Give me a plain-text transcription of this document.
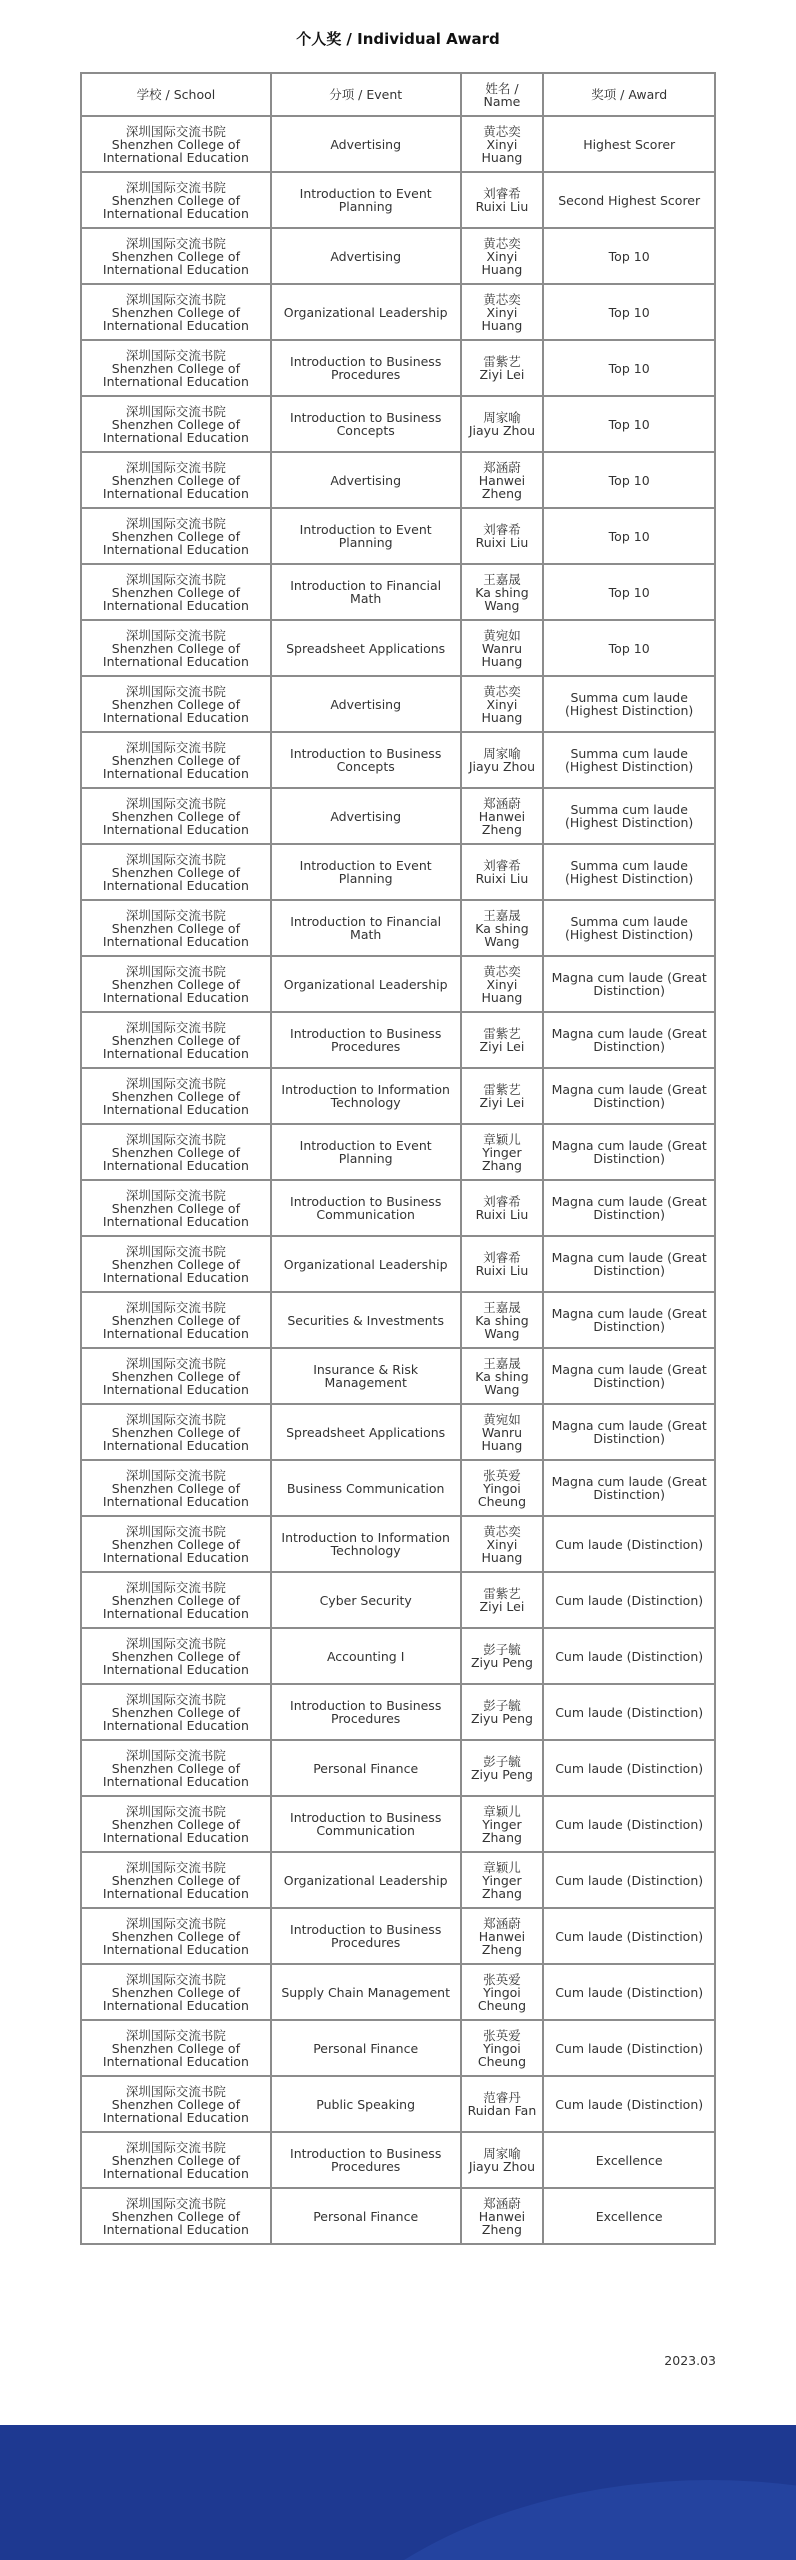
个人奖 / Individual Award
学校 / School	分项 / Event	姓名 /
Name	奖项 / Award

深圳国际交流书院
Shenzhen College of
International Education	Advertising	黄芯奕
Xinyi
Huang	Highest Scorer

深圳国际交流书院
Shenzhen College of
International Education	Introduction to Event
Planning	刘睿希
Ruixi Liu	Second Highest Scorer

深圳国际交流书院
Shenzhen College of
International Education	Advertising	黄芯奕
Xinyi
Huang	Top 10

深圳国际交流书院
Shenzhen College of
International Education	Organizational Leadership	黄芯奕
Xinyi
Huang	Top 10

深圳国际交流书院
Shenzhen College of
International Education	Introduction to Business
Procedures	雷紫艺
Ziyi Lei	Top 10

深圳国际交流书院
Shenzhen College of
International Education	Introduction to Business
Concepts	周家喻
Jiayu Zhou	Top 10

深圳国际交流书院
Shenzhen College of
International Education	Advertising	郑涵蔚
Hanwei
Zheng	Top 10

深圳国际交流书院
Shenzhen College of
International Education	Introduction to Event
Planning	刘睿希
Ruixi Liu	Top 10

深圳国际交流书院
Shenzhen College of
International Education	Introduction to Financial
Math	王嘉晟
Ka shing
Wang	Top 10

深圳国际交流书院
Shenzhen College of
International Education	Spreadsheet Applications	黄宛如
Wanru
Huang	Top 10

深圳国际交流书院
Shenzhen College of
International Education	Advertising	黄芯奕
Xinyi
Huang	Summa cum laude
(Highest Distinction)

深圳国际交流书院
Shenzhen College of
International Education	Introduction to Business
Concepts	周家喻
Jiayu Zhou	Summa cum laude
(Highest Distinction)

深圳国际交流书院
Shenzhen College of
International Education	Advertising	郑涵蔚
Hanwei
Zheng	Summa cum laude
(Highest Distinction)

深圳国际交流书院
Shenzhen College of
International Education	Introduction to Event
Planning	刘睿希
Ruixi Liu	Summa cum laude
(Highest Distinction)

深圳国际交流书院
Shenzhen College of
International Education	Introduction to Financial
Math	王嘉晟
Ka shing
Wang	Summa cum laude
(Highest Distinction)

深圳国际交流书院
Shenzhen College of
International Education	Organizational Leadership	黄芯奕
Xinyi
Huang	Magna cum laude (Great
Distinction)

深圳国际交流书院
Shenzhen College of
International Education	Introduction to Business
Procedures	雷紫艺
Ziyi Lei	Magna cum laude (Great
Distinction)

深圳国际交流书院
Shenzhen College of
International Education	Introduction to Information
Technology	雷紫艺
Ziyi Lei	Magna cum laude (Great
Distinction)

深圳国际交流书院
Shenzhen College of
International Education	Introduction to Event
Planning	章颖儿
Yinger
Zhang	Magna cum laude (Great
Distinction)

深圳国际交流书院
Shenzhen College of
International Education	Introduction to Business
Communication	刘睿希
Ruixi Liu	Magna cum laude (Great
Distinction)

深圳国际交流书院
Shenzhen College of
International Education	Organizational Leadership	刘睿希
Ruixi Liu	Magna cum laude (Great
Distinction)

深圳国际交流书院
Shenzhen College of
International Education	Securities & Investments	王嘉晟
Ka shing
Wang	Magna cum laude (Great
Distinction)

深圳国际交流书院
Shenzhen College of
International Education	Insurance & Risk
Management	王嘉晟
Ka shing
Wang	Magna cum laude (Great
Distinction)

深圳国际交流书院
Shenzhen College of
International Education	Spreadsheet Applications	黄宛如
Wanru
Huang	Magna cum laude (Great
Distinction)

深圳国际交流书院
Shenzhen College of
International Education	Business Communication	张英爱
Yingoi
Cheung	Magna cum laude (Great
Distinction)

深圳国际交流书院
Shenzhen College of
International Education	Introduction to Information
Technology	黄芯奕
Xinyi
Huang	Cum laude (Distinction)

深圳国际交流书院
Shenzhen College of
International Education	Cyber Security	雷紫艺
Ziyi Lei	Cum laude (Distinction)

深圳国际交流书院
Shenzhen College of
International Education	Accounting Ⅰ	彭子毓
Ziyu Peng	Cum laude (Distinction)

深圳国际交流书院
Shenzhen College of
International Education	Introduction to Business
Procedures	彭子毓
Ziyu Peng	Cum laude (Distinction)

深圳国际交流书院
Shenzhen College of
International Education	Personal Finance	彭子毓
Ziyu Peng	Cum laude (Distinction)

深圳国际交流书院
Shenzhen College of
International Education	Introduction to Business
Communication	章颖儿
Yinger
Zhang	Cum laude (Distinction)

深圳国际交流书院
Shenzhen College of
International Education	Organizational Leadership	章颖儿
Yinger
Zhang	Cum laude (Distinction)

深圳国际交流书院
Shenzhen College of
International Education	Introduction to Business
Procedures	郑涵蔚
Hanwei
Zheng	Cum laude (Distinction)

深圳国际交流书院
Shenzhen College of
International Education	Supply Chain Management	张英爱
Yingoi
Cheung	Cum laude (Distinction)

深圳国际交流书院
Shenzhen College of
International Education	Personal Finance	张英爱
Yingoi
Cheung	Cum laude (Distinction)

深圳国际交流书院
Shenzhen College of
International Education	Public Speaking	范睿丹
Ruidan Fan	Cum laude (Distinction)

深圳国际交流书院
Shenzhen College of
International Education	Introduction to Business
Procedures	周家喻
Jiayu Zhou	Excellence

深圳国际交流书院
Shenzhen College of
International Education	Personal Finance	郑涵蔚
Hanwei
Zheng	Excellence
2023.03
